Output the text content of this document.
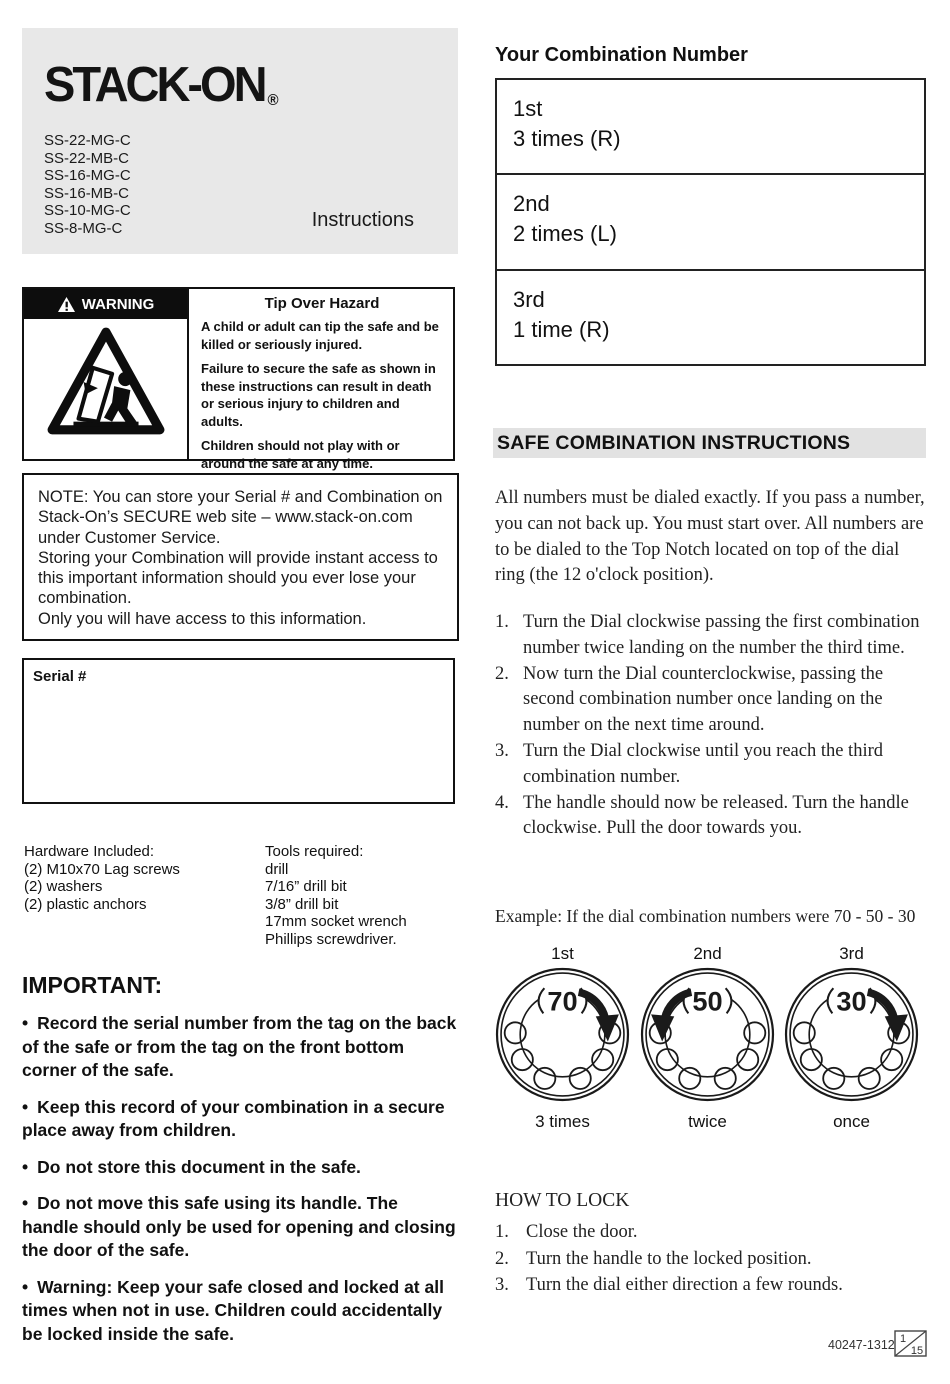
STACK-ON ®
SS-22-MG-C
SS-22-MB-C
SS-16-MG-C
SS-16-MB-C
SS-10-MG-C
SS-8-MG-C	Instructions
WARNING	Tip Over Hazard

A child or adult can tip the safe and be killed or seriously injured.

Failure to secure the safe as shown in these instructions can result in death or serious injury to children and adults.

Children should not play with or around the safe at any time.

NOTE: You can store your Serial # and Combination on Stack-On’s SECURE web site – www.stack-on.com under Customer Service.

Storing your Combination will provide instant access to this important information should you ever lose your combination.

Only you will have access to this information.

Serial #
Hardware Included:
(2) M10x70 Lag screws
(2) washers
(2) plastic anchors
Tools required:
drill
7/16” drill bit
3/8” drill bit
17mm socket wrench
Phillips screwdriver.
IMPORTANT:

• Record the serial number from the tag on the back of the safe or from the tag on the front bottom corner of the safe.

• Keep this record of your combination in a secure place away from children.

• Do not store this document in the safe.

• Do not move this safe using its handle. The handle should only be used for opening and closing the door of the safe.

• Warning: Keep your safe closed and locked at all times when not in use. Children could accidentally be locked inside the safe.

Your Combination Number
1st
3 times (R)
2nd
2 times (L)
3rd
1 time (R)
SAFE COMBINATION INSTRUCTIONS
All numbers must be dialed exactly. If you pass a number, you can not back up. You must start over. All numbers are to be dialed to the Top Notch located on top of the dial ring (the 12 o'clock position).
1. Turn the Dial clockwise passing the first combination number twice landing on the number the third time.
2. Now turn the Dial counterclockwise, passing the second combination number once landing on the number on the next time around.
3. Turn the Dial clockwise until you reach the third combination number.
4. The handle should now be released. Turn the handle clockwise. Pull the door towards you.
Example: If the dial combination numbers were 70 - 50 - 30
1st
70
3 times
2nd
50
twice
3rd
30
once
HOW TO LOCK
1. Close the door.
2. Turn the handle to the locked position.
3. Turn the dial either direction a few rounds.
40247-1312 1
15
